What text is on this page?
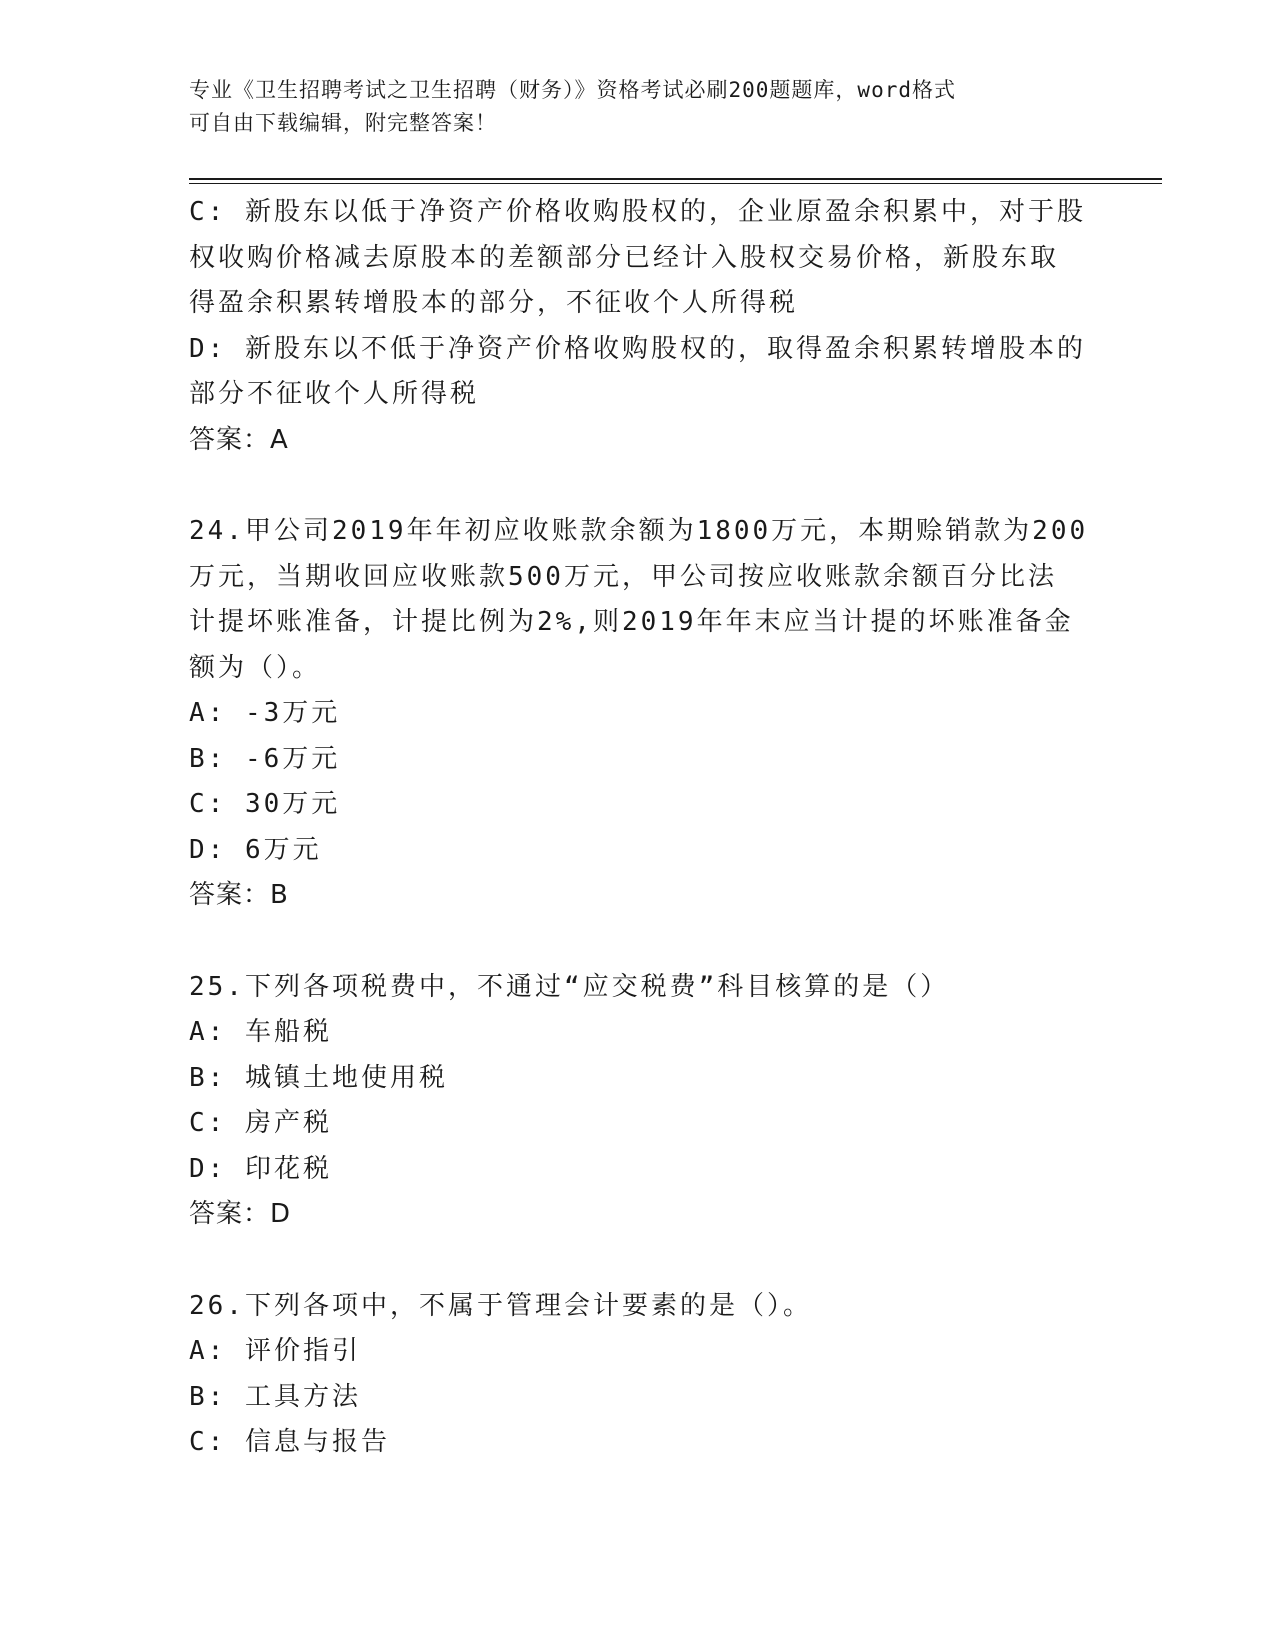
专业《卫生招聘考试之卫生招聘（财务）》资格考试必刷200题题库，word格式

可自由下载编辑，附完整答案！

C: 新股东以低于净资产价格收购股权的，企业原盈余积累中，对于股

权收购价格减去原股本的差额部分已经计入股权交易价格，新股东取

得盈余积累转增股本的部分，不征收个人所得税

D: 新股东以不低于净资产价格收购股权的，取得盈余积累转增股本的

部分不征收个人所得税

答案：A

24.甲公司2019年年初应收账款余额为1800万元，本期赊销款为200

万元，当期收回应收账款500万元，甲公司按应收账款余额百分比法

计提坏账准备，计提比例为2%,则2019年年末应当计提的坏账准备金

额为（）。

A: -3万元

B: -6万元

C: 30万元

D: 6万元

答案：B

25.下列各项税费中，不通过“应交税费”科目核算的是（）

A: 车船税

B: 城镇土地使用税

C: 房产税

D: 印花税

答案：D

26.下列各项中，不属于管理会计要素的是（）。

A: 评价指引

B: 工具方法

C: 信息与报告
